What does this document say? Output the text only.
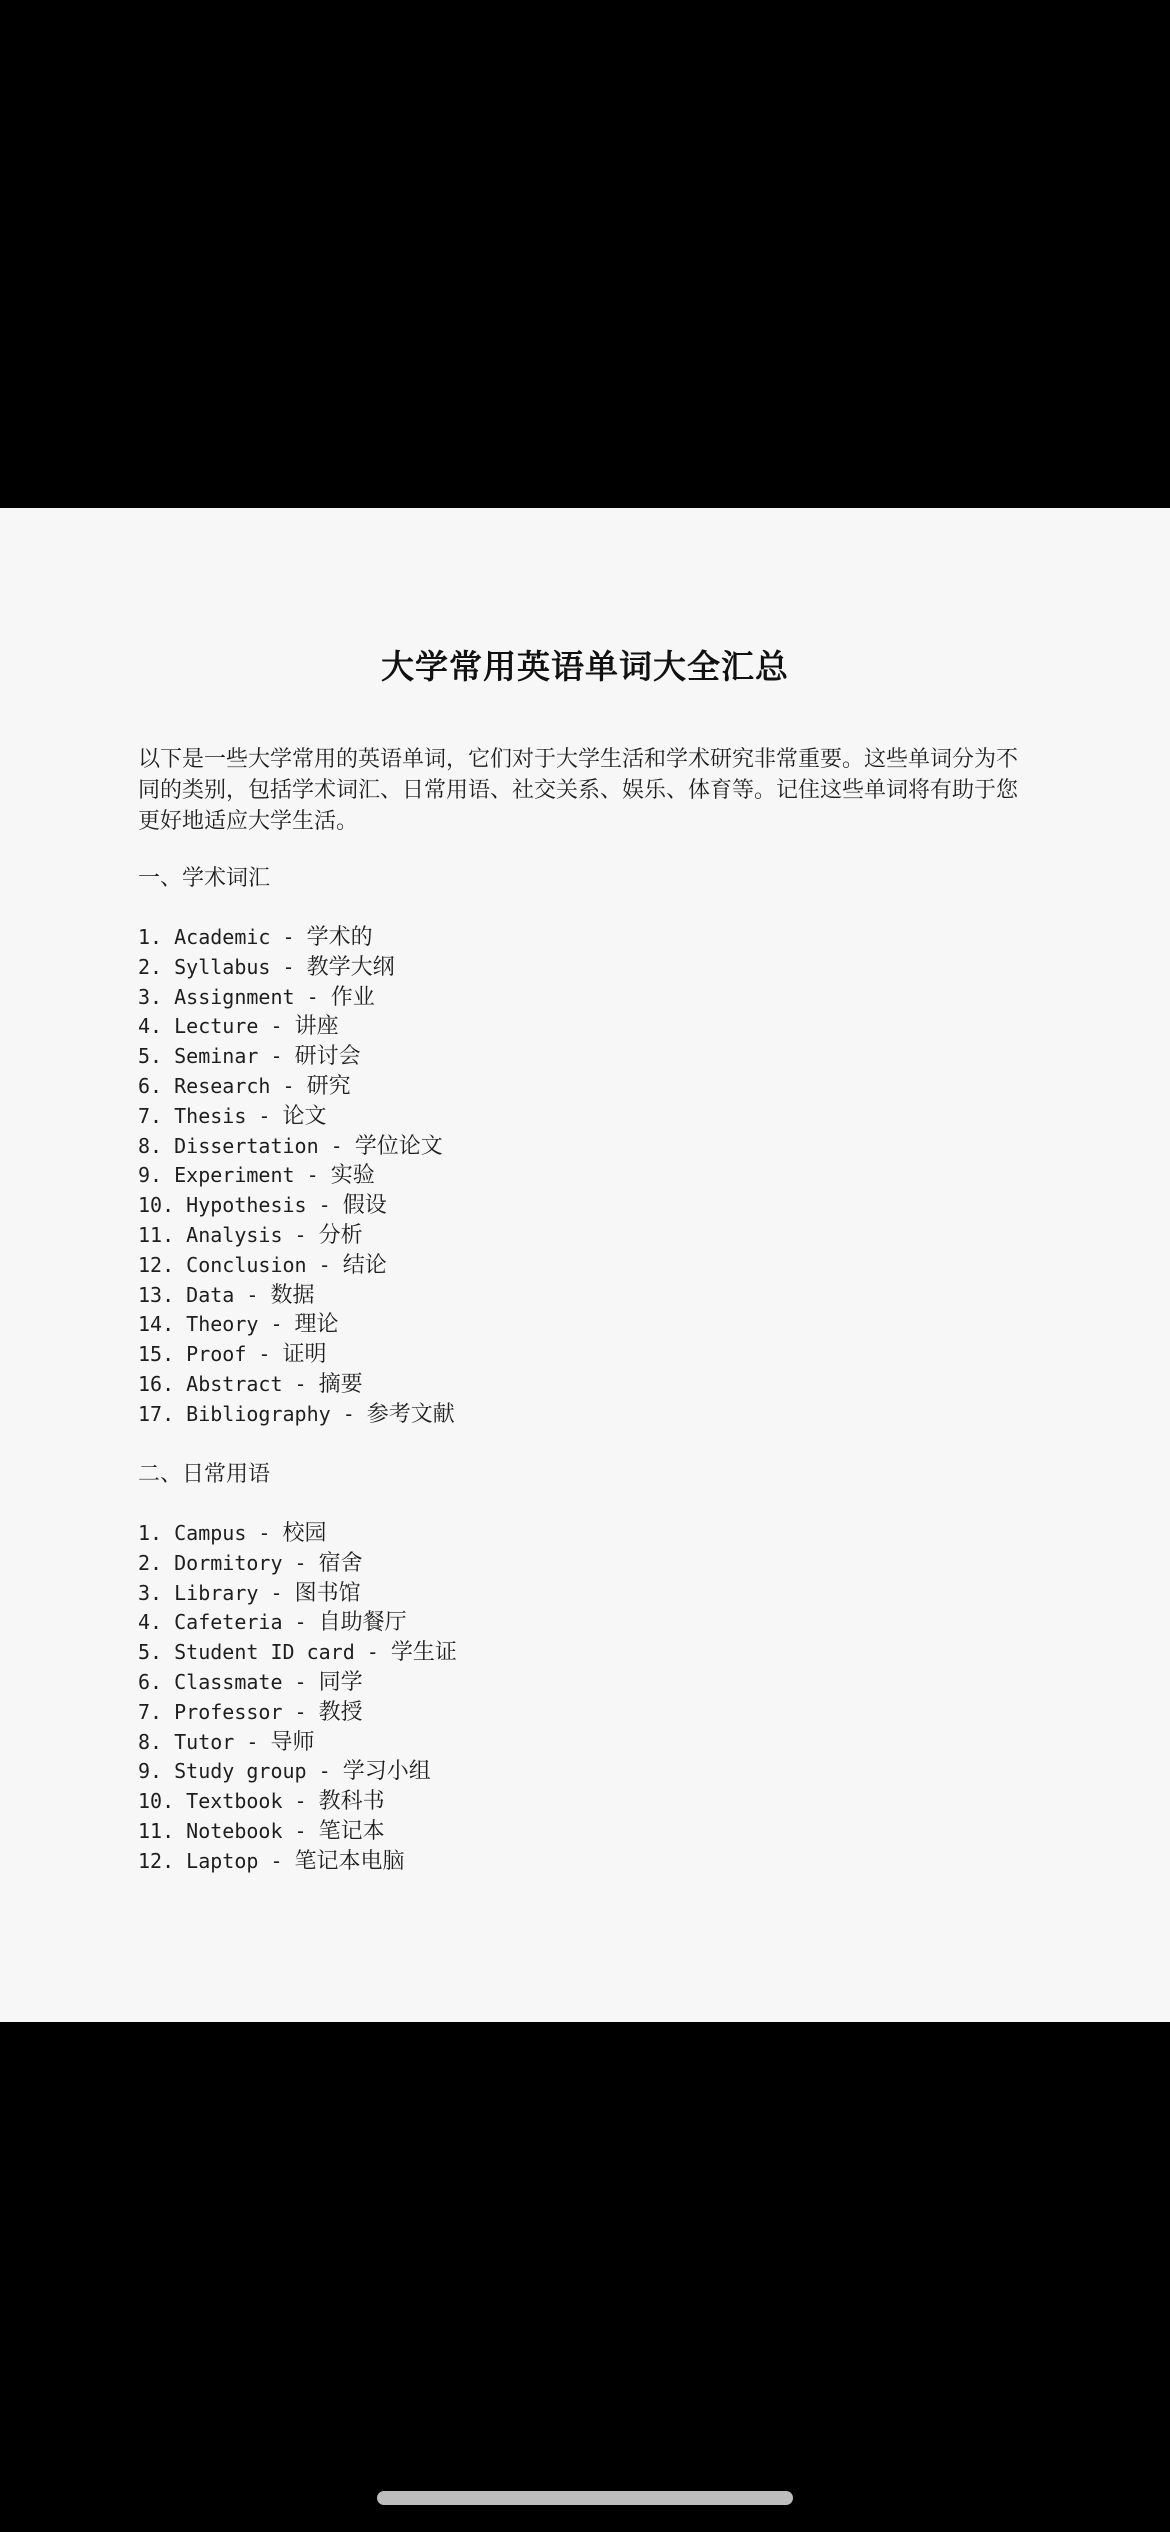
大学常用英语单词大全汇总
以下是一些大学常用的英语单词，它们对于大学生活和学术研究非常重要。这些单词分为不同的类别，包括学术词汇、日常用语、社交关系、娱乐、体育等。记住这些单词将有助于您更好地适应大学生活。
一、学术词汇
1. Academic - 学术的
2. Syllabus - 教学大纲
3. Assignment - 作业
4. Lecture - 讲座
5. Seminar - 研讨会
6. Research - 研究
7. Thesis - 论文
8. Dissertation - 学位论文
9. Experiment - 实验
10. Hypothesis - 假设
11. Analysis - 分析
12. Conclusion - 结论
13. Data - 数据
14. Theory - 理论
15. Proof - 证明
16. Abstract - 摘要
17. Bibliography - 参考文献
二、日常用语
1. Campus - 校园
2. Dormitory - 宿舍
3. Library - 图书馆
4. Cafeteria - 自助餐厅
5. Student ID card - 学生证
6. Classmate - 同学
7. Professor - 教授
8. Tutor - 导师
9. Study group - 学习小组
10. Textbook - 教科书
11. Notebook - 笔记本
12. Laptop - 笔记本电脑
